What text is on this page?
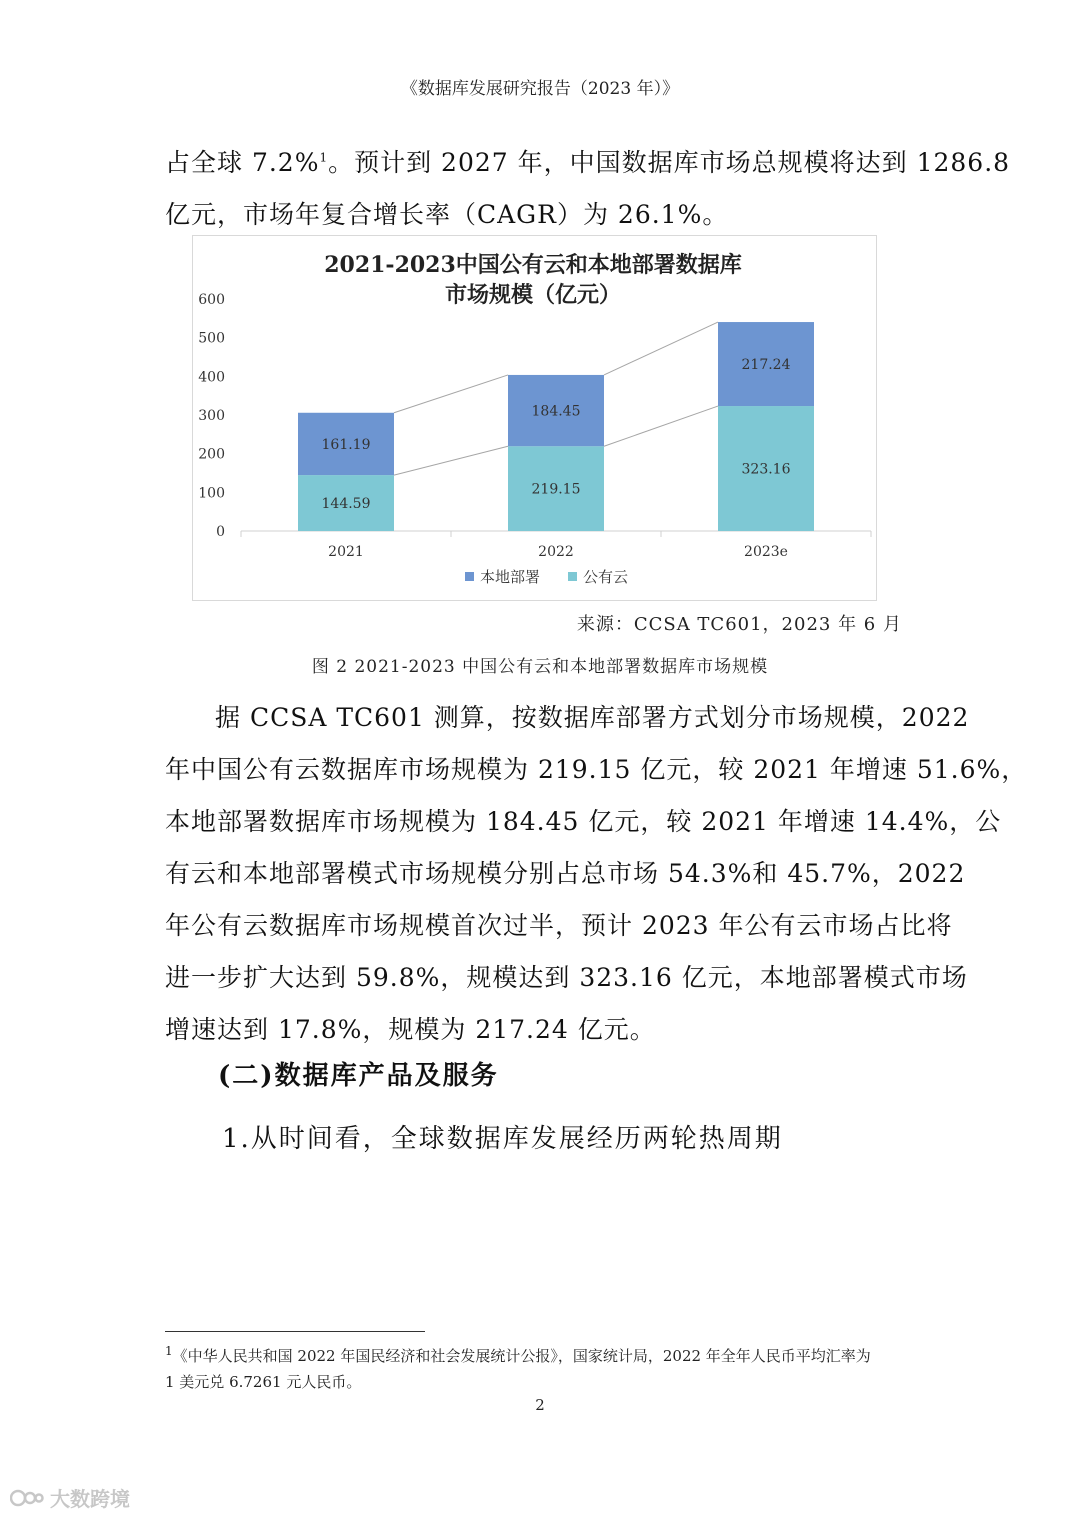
《数据库发展研究报告（2023 年）》

占全球 7.2%$^1$。预计到 2027 年，中国数据库市场总规模将达到 1286.8
亿元，市场年复合增长率（CAGR）为 26.1%。

2021-2023中国公有云和本地部署数据库
市场规模（亿元）
0
100
200
300
400
500
600
2021	2022	2023e
144.59
161.19
219.15
184.45
323.16
217.24
本地部署	公有云
来源：CCSA TC601，2023 年 6 月
图 2 2021-2023 中国公有云和本地部署数据库市场规模

据 CCSA TC601 测算，按数据库部署方式划分市场规模，2022
年中国公有云数据库市场规模为 219.15 亿元，较 2021 年增速 51.6%，
本地部署数据库市场规模为 184.45 亿元，较 2021 年增速 14.4%，公
有云和本地部署模式市场规模分别占总市场 54.3%和 45.7%，2022
年公有云数据库市场规模首次过半，预计 2023 年公有云市场占比将
进一步扩大达到 59.8%，规模达到 323.16 亿元，本地部署模式市场
增速达到 17.8%，规模为 217.24 亿元。

(二)数据库产品及服务
1.从时间看，全球数据库发展经历两轮热周期
$^1$《中华人民共和国 2022 年国民经济和社会发展统计公报》，国家统计局，2022 年全年人民币平均汇率为
1 美元兑 6.7261 元人民币。
2
大数跨境
